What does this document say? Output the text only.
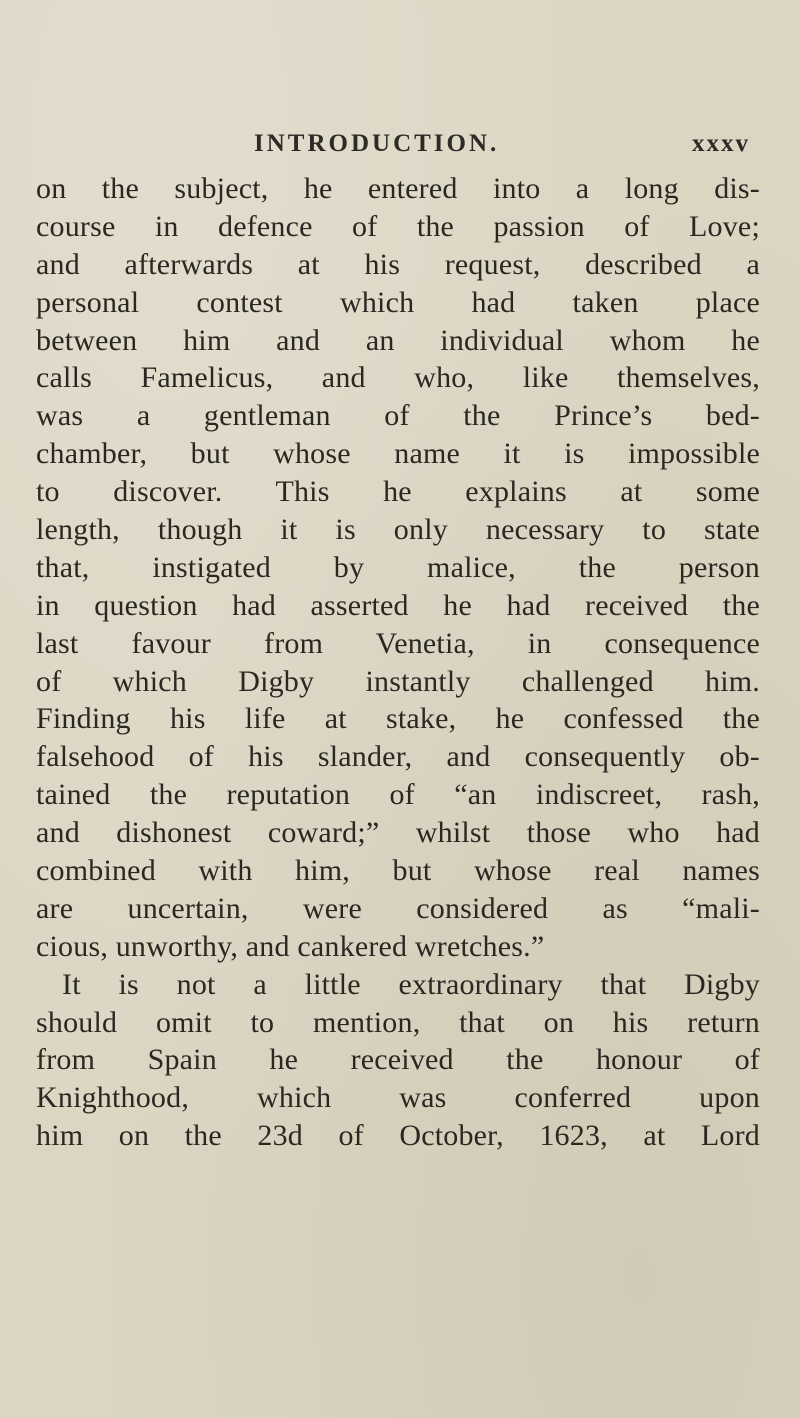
INTRODUCTION.	xxxv
on the subject, he entered into a long dis-
course in defence of the passion of Love;
and afterwards at his request, described a
personal contest which had taken place
between him and an individual whom he
calls Famelicus, and who, like themselves,
was a gentleman of the Prince’s bed-
chamber, but whose name it is impossible
to discover. This he explains at some
length, though it is only necessary to state
that, instigated by malice, the person
in question had asserted he had received the
last favour from Venetia, in consequence
of which Digby instantly challenged him.
Finding his life at stake, he confessed the
falsehood of his slander, and consequently ob-
tained the reputation of “an indiscreet, rash,
and dishonest coward;” whilst those who had
combined with him, but whose real names
are uncertain, were considered as “mali-
cious, unworthy, and cankered wretches.”
It is not a little extraordinary that Digby
should omit to mention, that on his return
from Spain he received the honour of
Knighthood, which was conferred upon
him on the 23d of October, 1623, at Lord
